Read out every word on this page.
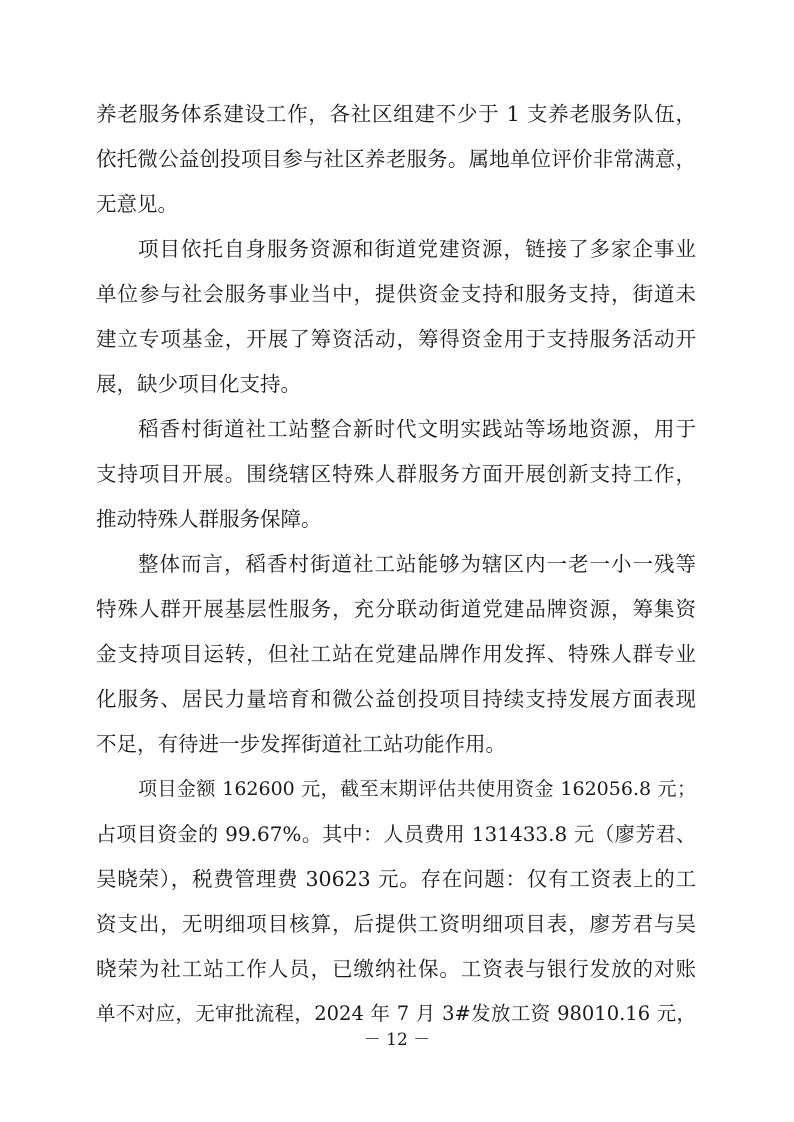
养老服务体系建设工作，各社区组建不少于 1 支养老服务队伍，
依托微公益创投项目参与社区养老服务。属地单位评价非常满意，
无意见。
项目依托自身服务资源和街道党建资源，链接了多家企事业
单位参与社会服务事业当中，提供资金支持和服务支持，街道未
建立专项基金，开展了筹资活动，筹得资金用于支持服务活动开
展，缺少项目化支持。
稻香村街道社工站整合新时代文明实践站等场地资源，用于
支持项目开展。围绕辖区特殊人群服务方面开展创新支持工作，
推动特殊人群服务保障。
整体而言，稻香村街道社工站能够为辖区内一老一小一残等
特殊人群开展基层性服务，充分联动街道党建品牌资源，筹集资
金支持项目运转，但社工站在党建品牌作用发挥、特殊人群专业
化服务、居民力量培育和微公益创投项目持续支持发展方面表现
不足，有待进一步发挥街道社工站功能作用。
项目金额 162600 元，截至末期评估共使用资金 162056.8 元；
占项目资金的 99.67%。其中：人员费用 131433.8 元（廖芳君、
吴晓荣），税费管理费 30623 元。存在问题：仅有工资表上的工
资支出，无明细项目核算，后提供工资明细项目表，廖芳君与吴
晓荣为社工站工作人员，已缴纳社保。工资表与银行发放的对账
单不对应，无审批流程，2024 年 7 月 3#发放工资 98010.16 元，
－ 12 －
